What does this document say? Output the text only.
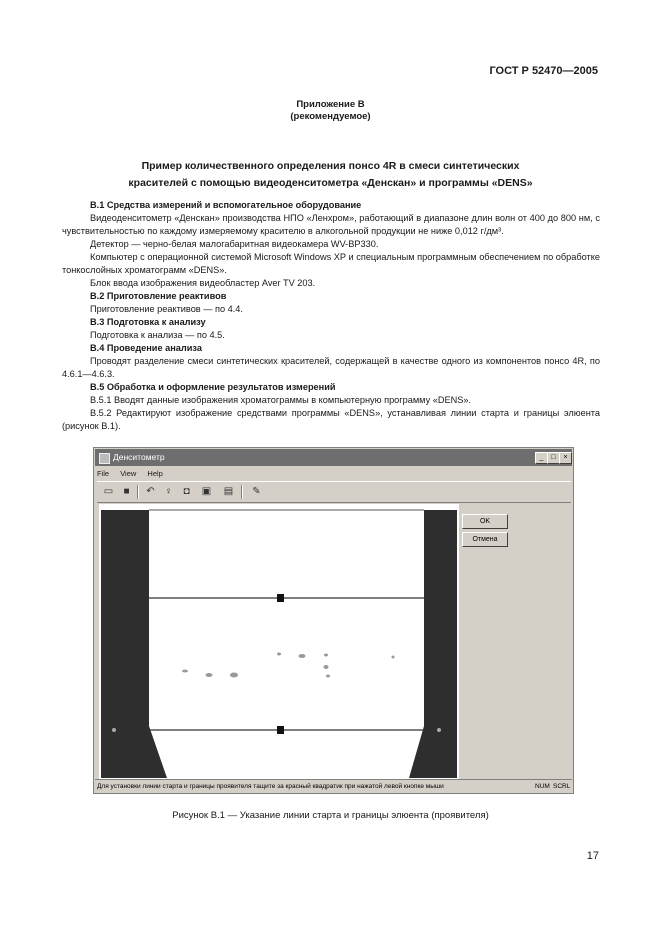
ГОСТ Р 52470—2005
Приложение В
(рекомендуемое)
Пример количественного определения понсо 4R в смеси синтетических
красителей с помощью видеоденситометра «Денскан» и программы «DENS»
В.1 Средства измерений и вспомогательное оборудование
Видеоденситометр «Денскан» производства НПО «Ленхром», работающий в диапазоне длин волн от 400 до 800 нм, с чувствительностью по каждому измеряемому красителю в алкогольной продукции не ниже 0,012 г/дм³.
Детектор — черно-белая малогабаритная видеокамера WV-BP330.
Компьютер с операционной системой Microsoft Windows XP и специальным программным обеспечением по обработке тонкослойных хроматограмм «DENS».
Блок ввода изображения видеобластер Aver TV 203.
В.2 Приготовление реактивов
Приготовление реактивов — по 4.4.
В.3 Подготовка к анализу
Подготовка к анализа — по 4.5.
В.4 Проведение анализа
Проводят разделение смеси синтетических красителей, содержащей в качестве одного из компонентов понсо 4R, по 4.6.1—4.6.3.
В.5 Обработка и оформление результатов измерений
В.5.1 Вводят данные изображения хроматограммы в компьютерную программу «DENS».
В.5.2 Редактируют изображение средствами программы «DENS», устанавливая линии старта и границы элюента (рисунок В.1).
Денситометр	_	□	×
File View Help
▭	■	↶	♀	◘	▣ ▤	✎
OK
Отмена
Для установки линии старта и границы проявителя тащите за красный квадратик при нажатой левой кнопке мыши	NUM SCRL
Рисунок В.1 — Указание линии старта и границы элюента (проявителя)
17
